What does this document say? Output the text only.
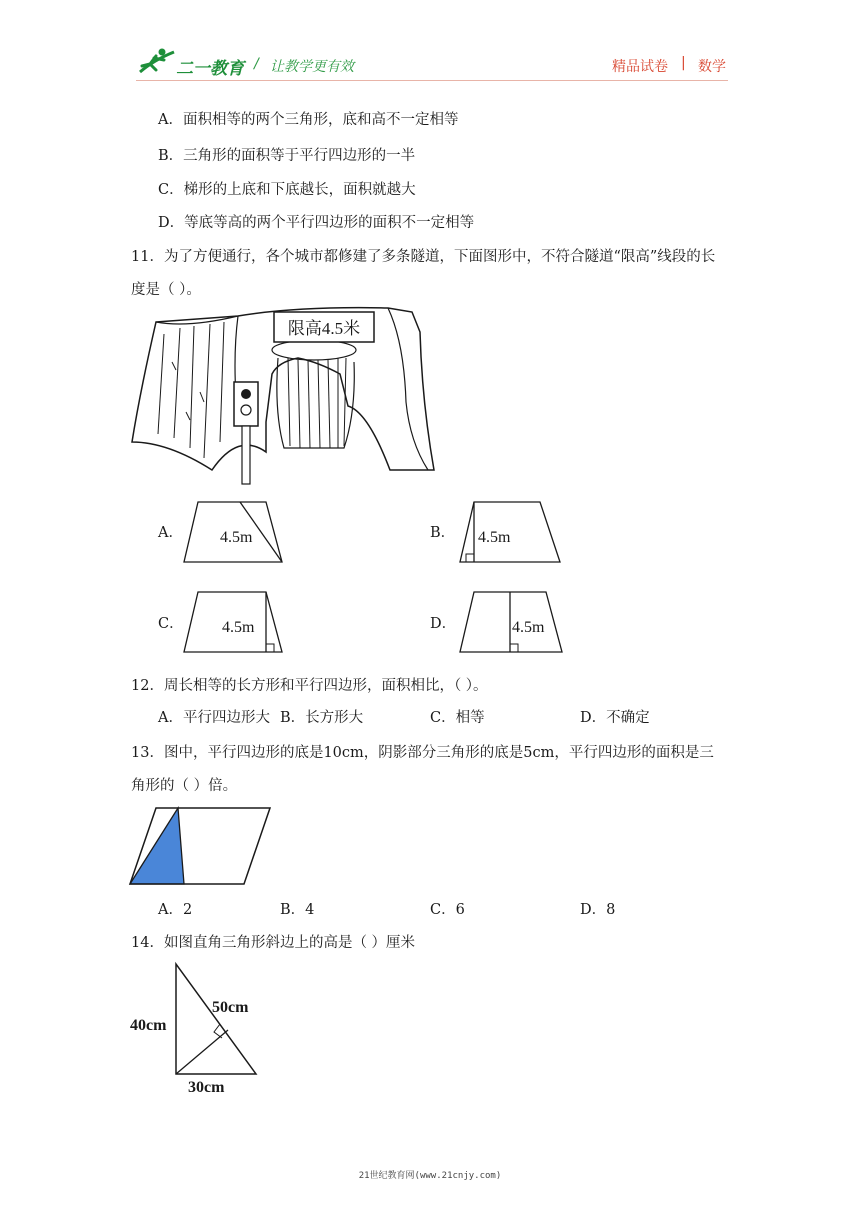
二一教育 / 让教学更有效	精品试卷 | 数学
A．面积相等的两个三角形，底和高不一定相等
B．三角形的面积等于平行四边形的一半
C．梯形的上底和下底越长，面积就越大
D．等底等高的两个平行四边形的面积不一定相等
11．为了方便通行，各个城市都修建了多条隧道，下面图形中，不符合隧道“限高”线段的长
度是（ ）。
限高4.5米
A． 4.5m	B． 4.5m
C． 4.5m	D．	4.5m
12．周长相等的长方形和平行四边形，面积相比，（ ）。
A．平行四边形大 B．长方形大	C．相等	D．不确定
13．图中，平行四边形的底是10cm，阴影部分三角形的底是5cm，平行四边形的面积是三
角形的（ ）倍。
A．2	B．4	C．6	D．8
14．如图直角三角形斜边上的高是（ ）厘米
40cm
50cm
30cm
21世纪教育网(www.21cnjy.com)
